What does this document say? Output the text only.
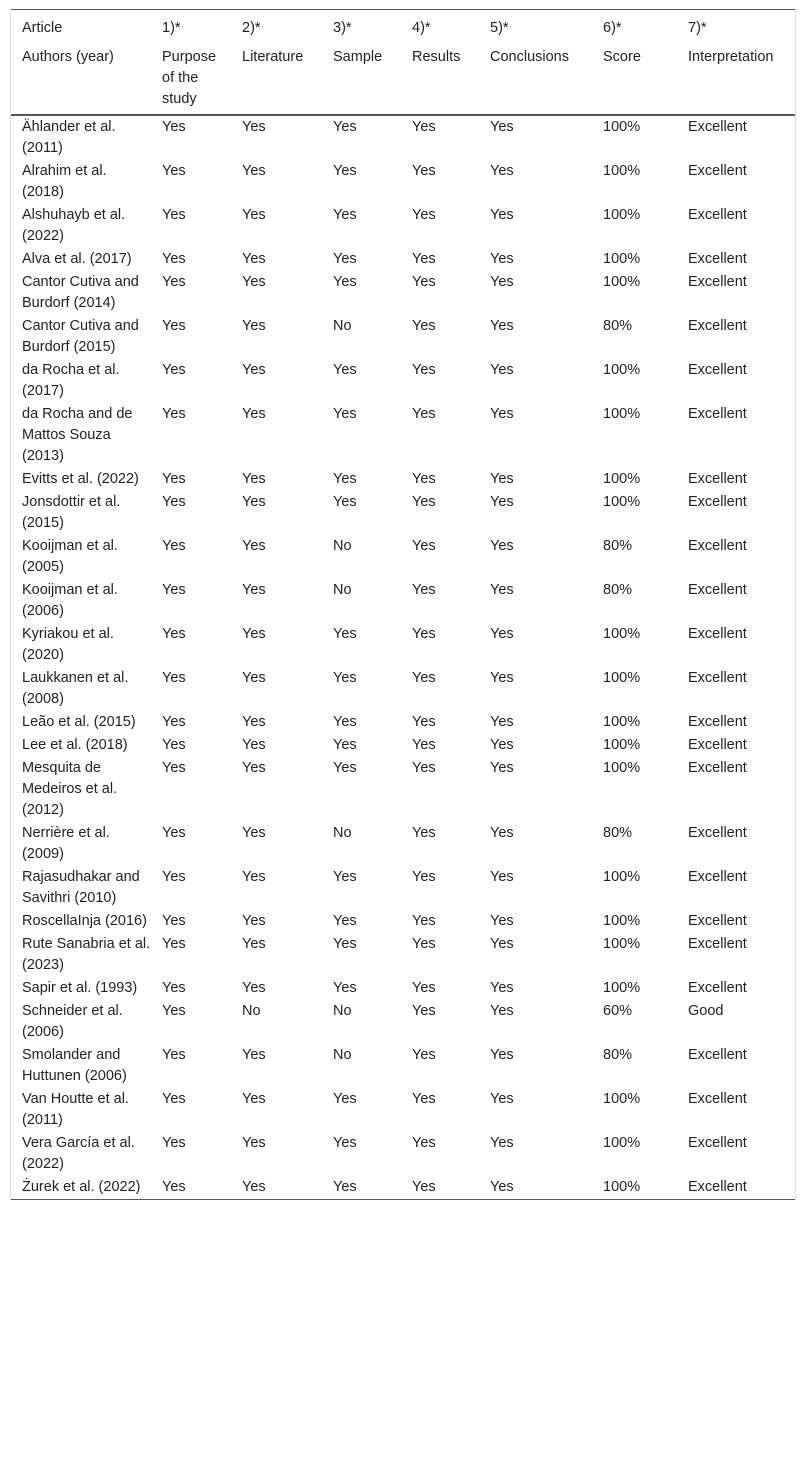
Article	1)*	2)*	3)*	4)*	5)*	6)*	7)*
Authors (year)	Purpose of the study	Literature	Sample	Results	Conclusions	Score	Interpretation
Ählander et al. (2011)	Yes	Yes	Yes	Yes	Yes	100%	Excellent
Alrahim et al. (2018)	Yes	Yes	Yes	Yes	Yes	100%	Excellent
Alshuhayb et al. (2022)	Yes	Yes	Yes	Yes	Yes	100%	Excellent
Alva et al. (2017)	Yes	Yes	Yes	Yes	Yes	100%	Excellent
Cantor Cutiva and Burdorf (2014)	Yes	Yes	Yes	Yes	Yes	100%	Excellent
Cantor Cutiva and Burdorf (2015)	Yes	Yes	No	Yes	Yes	80%	Excellent
da Rocha et al. (2017)	Yes	Yes	Yes	Yes	Yes	100%	Excellent
da Rocha and de Mattos Souza (2013)	Yes	Yes	Yes	Yes	Yes	100%	Excellent
Evitts et al. (2022)	Yes	Yes	Yes	Yes	Yes	100%	Excellent
Jonsdottir et al. (2015)	Yes	Yes	Yes	Yes	Yes	100%	Excellent
Kooijman et al. (2005)	Yes	Yes	No	Yes	Yes	80%	Excellent
Kooijman et al. (2006)	Yes	Yes	No	Yes	Yes	80%	Excellent
Kyriakou et al. (2020)	Yes	Yes	Yes	Yes	Yes	100%	Excellent
Laukkanen et al. (2008)	Yes	Yes	Yes	Yes	Yes	100%	Excellent
Leão et al. (2015)	Yes	Yes	Yes	Yes	Yes	100%	Excellent
Lee et al. (2018)	Yes	Yes	Yes	Yes	Yes	100%	Excellent
Mesquita de Medeiros et al. (2012)	Yes	Yes	Yes	Yes	Yes	100%	Excellent
Nerrière et al. (2009)	Yes	Yes	No	Yes	Yes	80%	Excellent
Rajasudhakar and Savithri (2010)	Yes	Yes	Yes	Yes	Yes	100%	Excellent
RoscellaInja (2016)	Yes	Yes	Yes	Yes	Yes	100%	Excellent
Rute Sanabria et al. (2023)	Yes	Yes	Yes	Yes	Yes	100%	Excellent
Sapir et al. (1993)	Yes	Yes	Yes	Yes	Yes	100%	Excellent
Schneider et al. (2006)	Yes	No	No	Yes	Yes	60%	Good
Smolander and Huttunen (2006)	Yes	Yes	No	Yes	Yes	80%	Excellent
Van Houtte et al. (2011)	Yes	Yes	Yes	Yes	Yes	100%	Excellent
Vera García et al. (2022)	Yes	Yes	Yes	Yes	Yes	100%	Excellent
Żurek et al. (2022)	Yes	Yes	Yes	Yes	Yes	100%	Excellent
